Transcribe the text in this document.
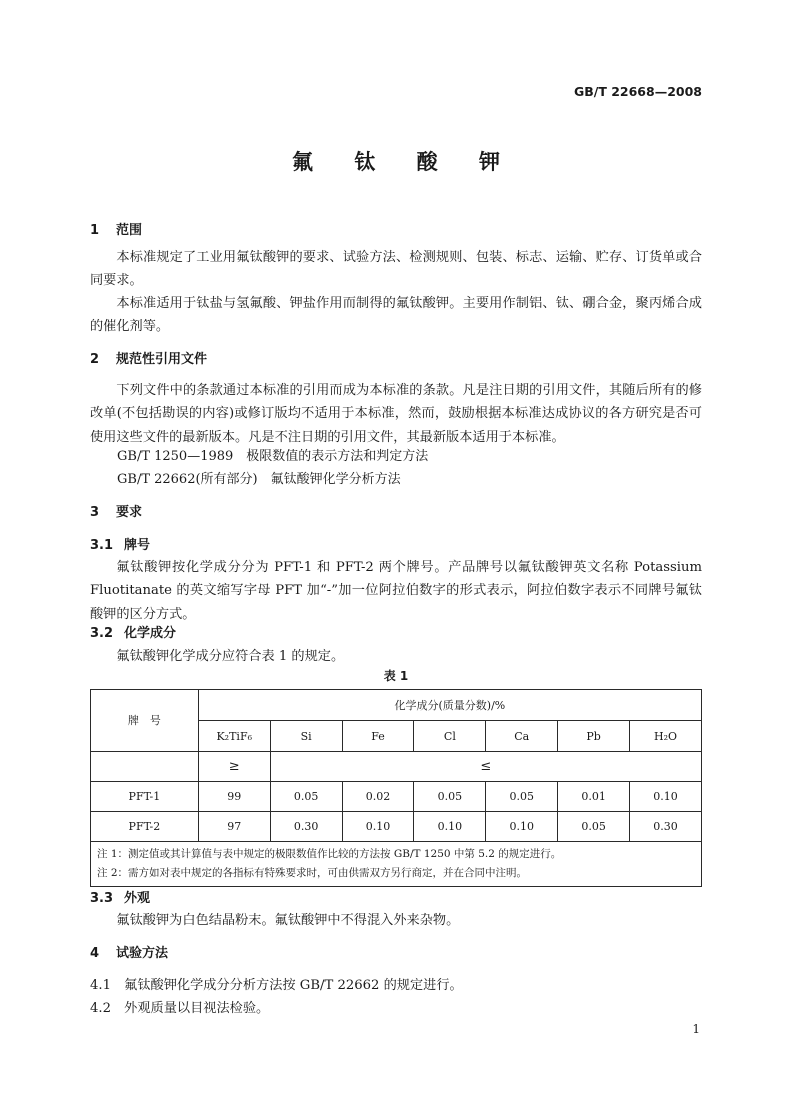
GB/T 22668—2008
氟 钛 酸 钾
1 范围
本标准规定了工业用氟钛酸钾的要求、试验方法、检测规则、包装、标志、运输、贮存、订货单或合同要求。
本标准适用于钛盐与氢氟酸、钾盐作用而制得的氟钛酸钾。主要用作制铝、钛、硼合金，聚丙烯合成的催化剂等。
2 规范性引用文件
下列文件中的条款通过本标准的引用而成为本标准的条款。凡是注日期的引用文件，其随后所有的修改单(不包括勘误的内容)或修订版均不适用于本标准，然而，鼓励根据本标准达成协议的各方研究是否可使用这些文件的最新版本。凡是不注日期的引用文件，其最新版本适用于本标准。
GB/T 1250—1989　极限数值的表示方法和判定方法
GB/T 22662(所有部分)　氟钛酸钾化学分析方法
3 要求
3.1 牌号
氟钛酸钾按化学成分分为 PFT-1 和 PFT-2 两个牌号。产品牌号以氟钛酸钾英文名称 Potassium Fluotitanate 的英文缩写字母 PFT 加“-”加一位阿拉伯数字的形式表示，阿拉伯数字表示不同牌号氟钛酸钾的区分方式。
3.2 化学成分
氟钛酸钾化学成分应符合表 1 的规定。
表 1
牌　号	化学成分(质量分数)/%						
	K₂TiF₆	Si	Fe	Cl	Ca	Pb	H₂O
	≥	≤					
PFT-1	99	0.05	0.02	0.05	0.05	0.01	0.10
PFT-2	97	0.30	0.10	0.10	0.10	0.05	0.30

注 1：测定值或其计算值与表中规定的极限数值作比较的方法按 GB/T 1250 中第 5.2 的规定进行。
注 2：需方如对表中规定的各指标有特殊要求时，可由供需双方另行商定，并在合同中注明。							
3.3 外观
氟钛酸钾为白色结晶粉末。氟钛酸钾中不得混入外来杂物。
4 试验方法
4.1　氟钛酸钾化学成分分析方法按 GB/T 22662 的规定进行。
4.2　外观质量以目视法检验。
1
